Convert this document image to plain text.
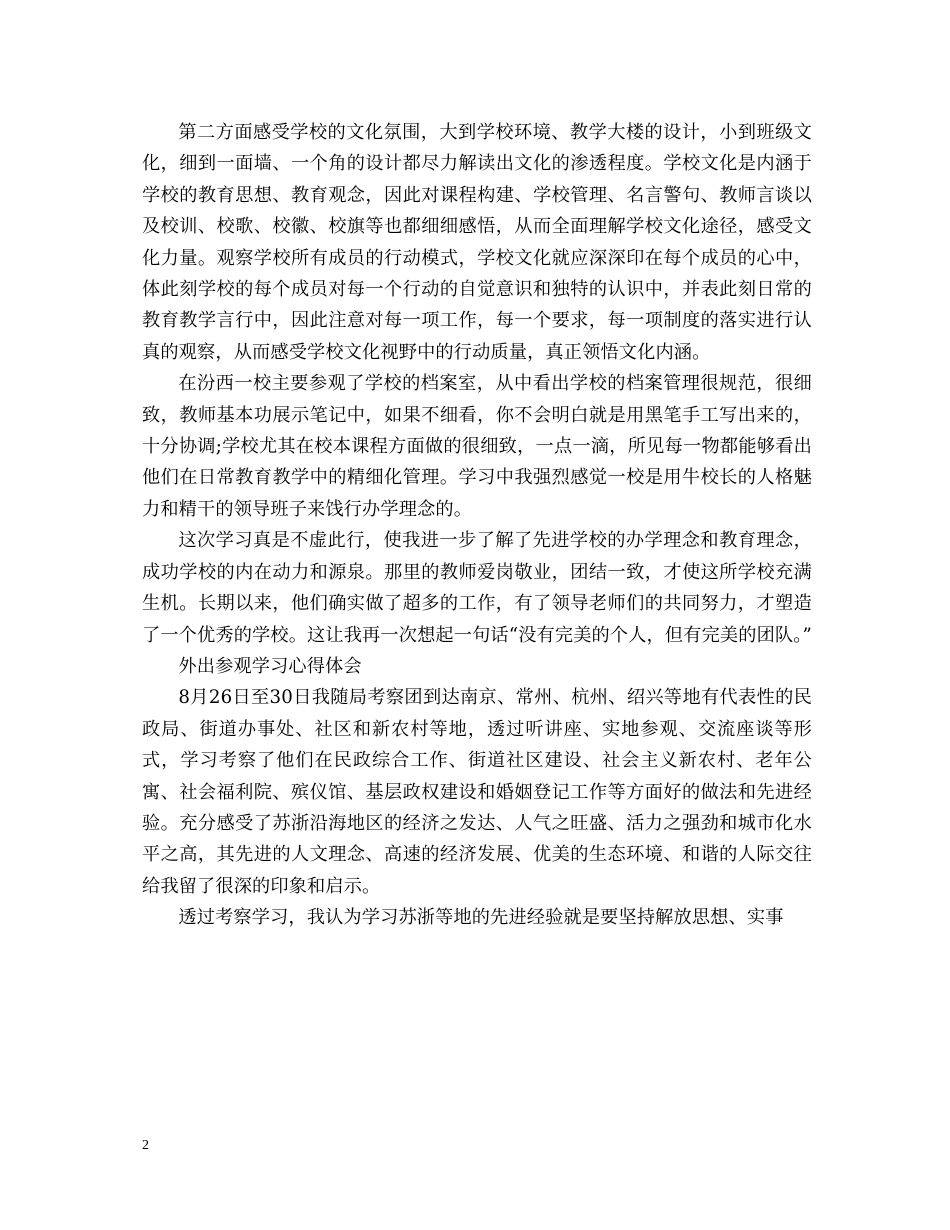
第二方面感受学校的文化氛围，大到学校环境、教学大楼的设计，小到班级文化，细到一面墙、一个角的设计都尽力解读出文化的渗透程度。学校文化是内涵于学校的教育思想、教育观念，因此对课程构建、学校管理、名言警句、教师言谈以及校训、校歌、校徽、校旗等也都细细感悟，从而全面理解学校文化途径，感受文化力量。观察学校所有成员的行动模式，学校文化就应深深印在每个成员的心中，体此刻学校的每个成员对每一个行动的自觉意识和独特的认识中，并表此刻日常的教育教学言行中，因此注意对每一项工作，每一个要求，每一项制度的落实进行认真的观察，从而感受学校文化视野中的行动质量，真正领悟文化内涵。

在汾西一校主要参观了学校的档案室，从中看出学校的档案管理很规范，很细致，教师基本功展示笔记中，如果不细看，你不会明白就是用黑笔手工写出来的，十分协调;学校尤其在校本课程方面做的很细致，一点一滴，所见每一物都能够看出他们在日常教育教学中的精细化管理。学习中我强烈感觉一校是用牛校长的人格魅力和精干的领导班子来饯行办学理念的。

这次学习真是不虚此行，使我进一步了解了先进学校的办学理念和教育理念，成功学校的内在动力和源泉。那里的教师爱岗敬业，团结一致，才使这所学校充满生机。长期以来，他们确实做了超多的工作，有了领导老师们的共同努力，才塑造了一个优秀的学校。这让我再一次想起一句话“没有完美的个人，但有完美的团队。”

外出参观学习心得体会

8月26日至30日我随局考察团到达南京、常州、杭州、绍兴等地有代表性的民政局、街道办事处、社区和新农村等地，透过听讲座、实地参观、交流座谈等形式，学习考察了他们在民政综合工作、街道社区建设、社会主义新农村、老年公寓、社会福利院、殡仪馆、基层政权建设和婚姻登记工作等方面好的做法和先进经验。充分感受了苏浙沿海地区的经济之发达、人气之旺盛、活力之强劲和城市化水平之高，其先进的人文理念、高速的经济发展、优美的生态环境、和谐的人际交往给我留了很深的印象和启示。

透过考察学习，我认为学习苏浙等地的先进经验就是要坚持解放思想、实事

2
